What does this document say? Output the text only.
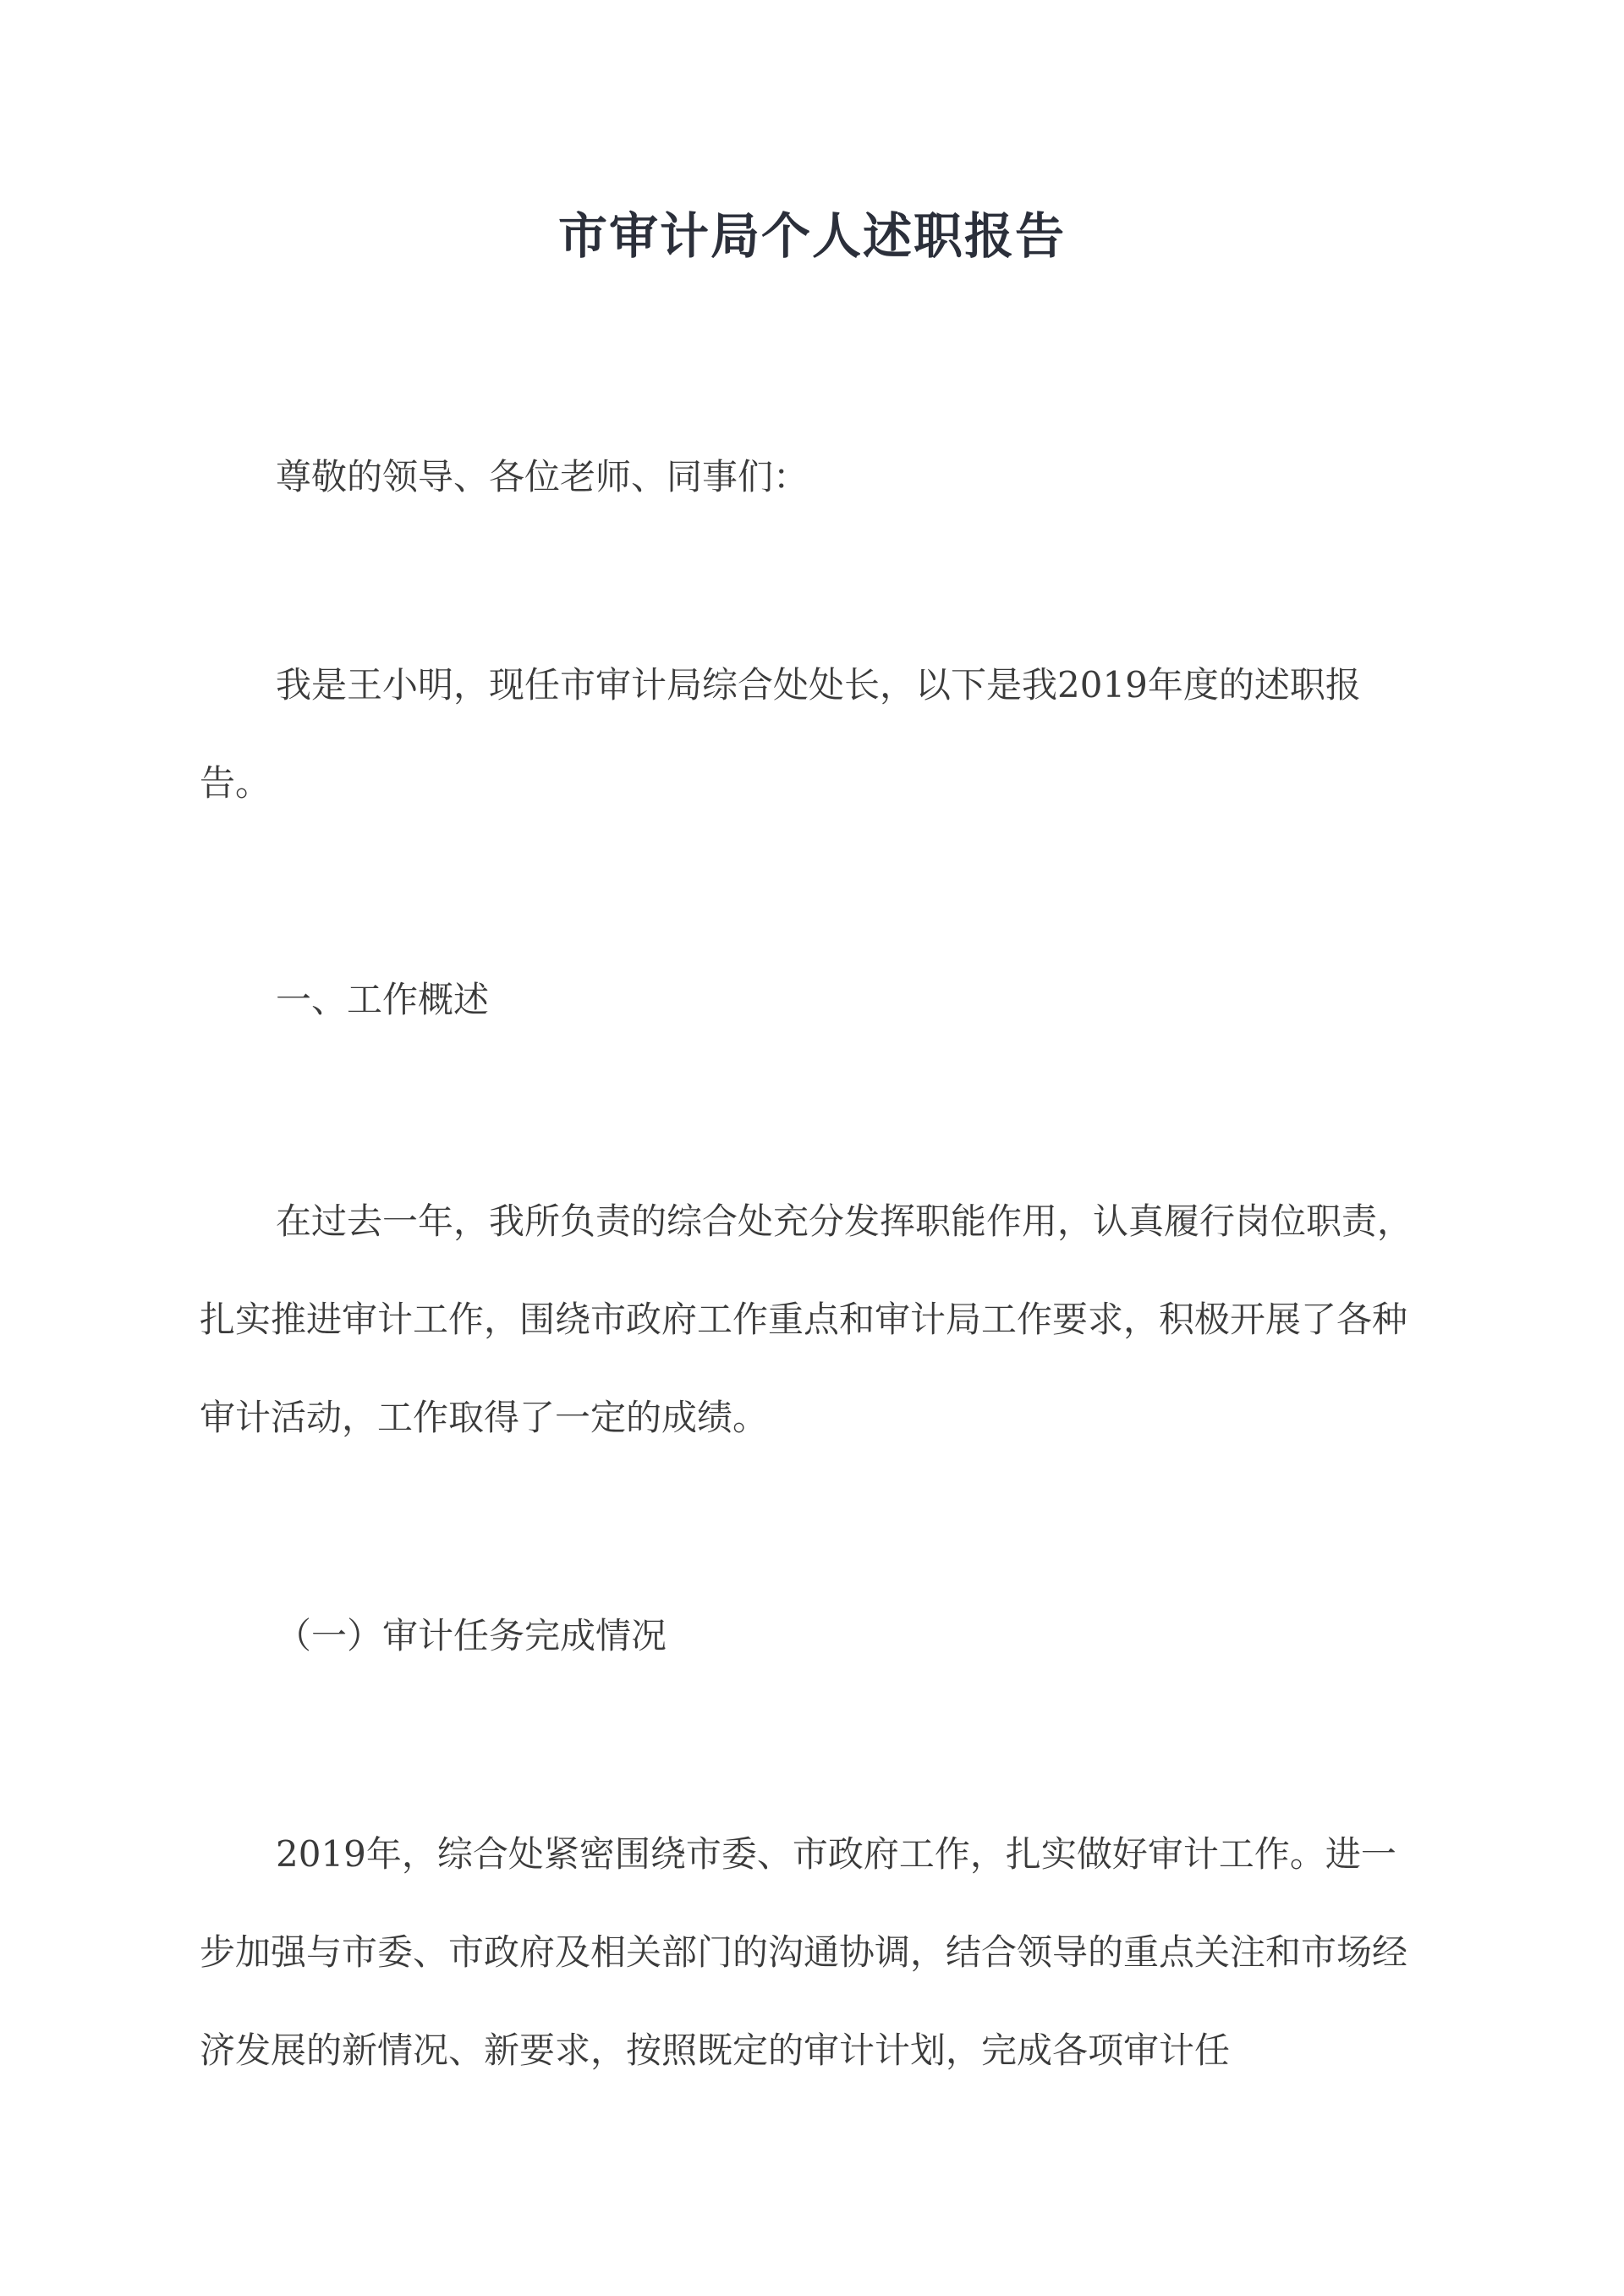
市审计局个人述职报告

尊敬的领导、各位老师、同事们：

我是王小明，现任市审计局综合处处长，以下是我2019年度的述职报告。

一、工作概述

在过去一年，我所负责的综合处充分发挥职能作用，认真履行岗位职责，扎实推进审计工作，围绕市政府工作重点和审计局工作要求，积极开展了各种审计活动，工作取得了一定的成绩。

（一）审计任务完成情况

2019年，综合处紧密围绕市委、市政府工作，扎实做好审计工作。进一步加强与市委、市政府及相关部门的沟通协调，结合领导的重点关注和市场经济发展的新情况、新要求，按照既定的审计计划，完成各项审计任
